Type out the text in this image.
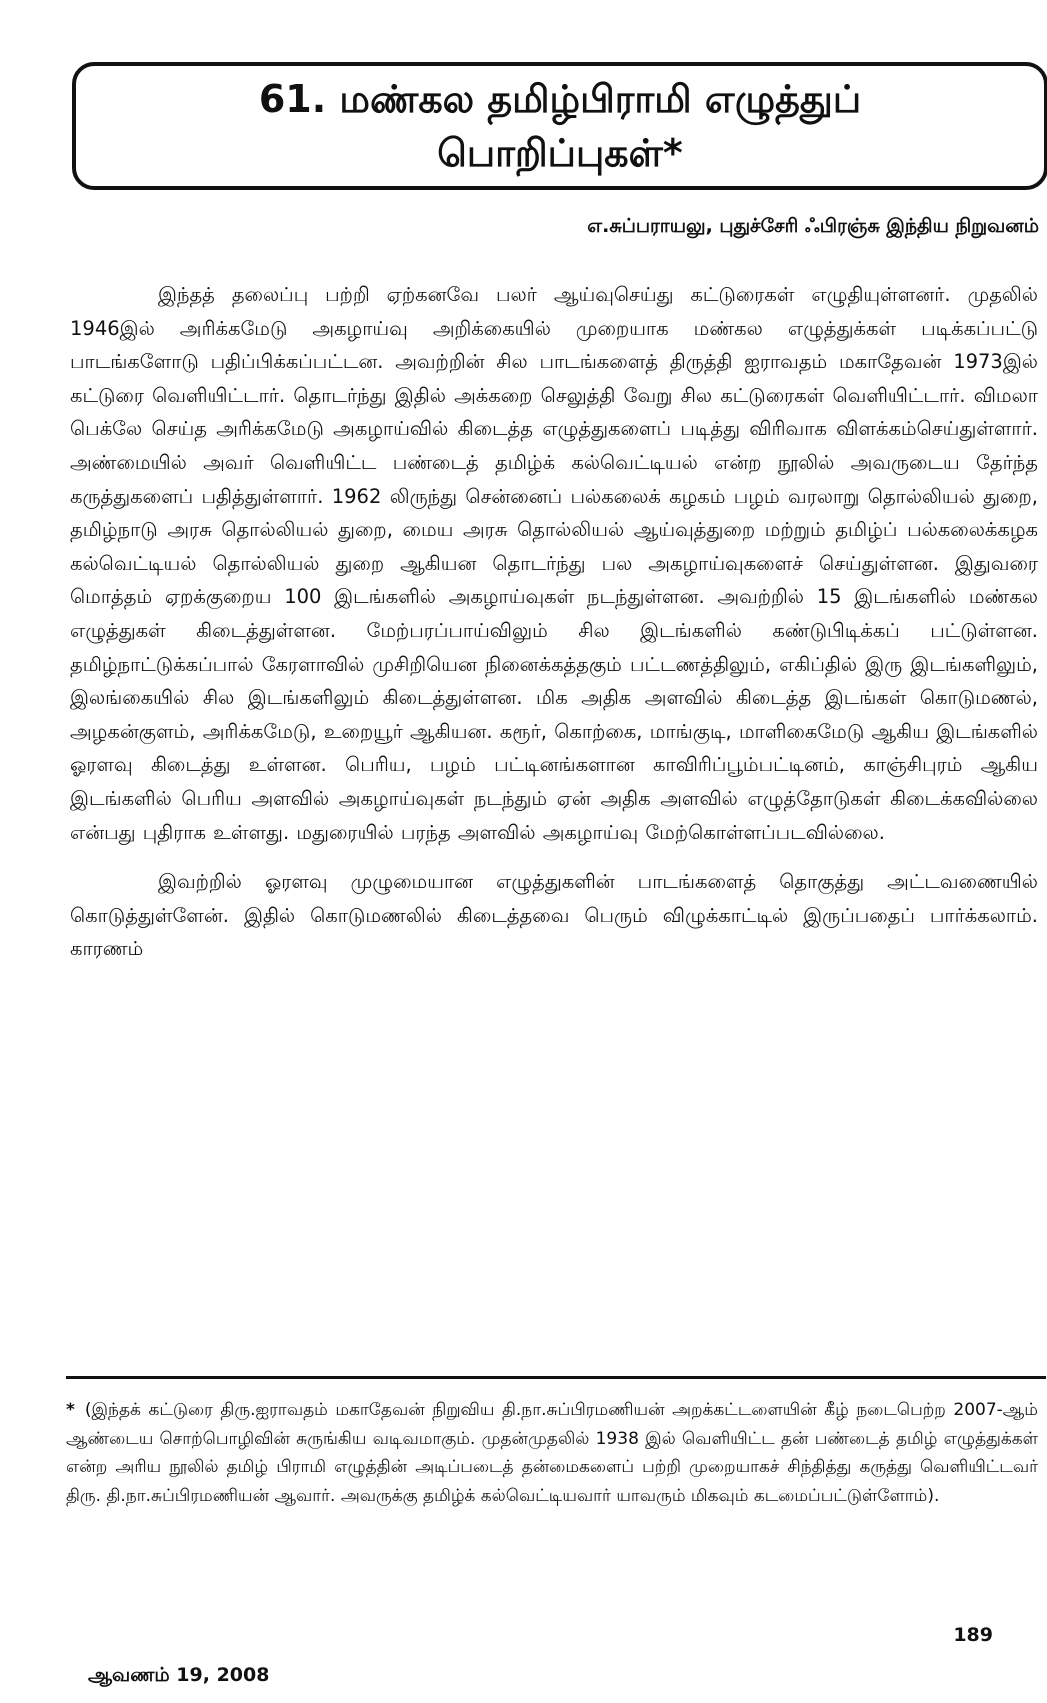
61. மண்கல தமிழ்பிராமி எழுத்துப்
பொறிப்புகள்*
எ.சுப்பராயலு, புதுச்சேரி ஃபிரஞ்சு இந்திய நிறுவனம்

இந்தத் தலைப்பு பற்றி ஏற்கனவே பலர் ஆய்வுசெய்து கட்டுரைகள் எழுதியுள்ளனர். முதலில் 1946இல் அரிக்கமேடு அகழாய்வு அறிக்கையில் முறையாக மண்கல எழுத்துக்கள் படிக்கப்பட்டு பாடங்களோடு பதிப்பிக்கப்பட்டன. அவற்றின் சில பாடங்களைத் திருத்தி ஐராவதம் மகாதேவன் 1973இல் கட்டுரை வெளியிட்டார். தொடர்ந்து இதில் அக்கறை செலுத்தி வேறு சில கட்டுரைகள் வெளியிட்டார். விமலா பெக்லே செய்த அரிக்கமேடு அகழாய்வில் கிடைத்த எழுத்துகளைப் படித்து விரிவாக விளக்கம்செய்துள்ளார். அண்மையில் அவர் வெளியிட்ட பண்டைத் தமிழ்க் கல்வெட்டியல் என்ற நூலில் அவருடைய தேர்ந்த கருத்துகளைப் பதித்துள்ளார். 1962 லிருந்து சென்னைப் பல்கலைக் கழகம் பழம் வரலாறு தொல்லியல் துறை, தமிழ்நாடு அரசு தொல்லியல் துறை, மைய அரசு தொல்லியல் ஆய்வுத்துறை மற்றும் தமிழ்ப் பல்கலைக்கழக கல்வெட்டியல் தொல்லியல் துறை ஆகியன தொடர்ந்து பல அகழாய்வுகளைச் செய்துள்ளன. இதுவரை மொத்தம் ஏறக்குறைய 100 இடங்களில் அகழாய்வுகள் நடந்துள்ளன. அவற்றில் 15 இடங்களில் மண்கல எழுத்துகள் கிடைத்துள்ளன. மேற்பரப்பாய்விலும் சில இடங்களில் கண்டுபிடிக்கப் பட்டுள்ளன. தமிழ்நாட்டுக்கப்பால் கேரளாவில் முசிறியென நினைக்கத்தகும் பட்டணத்திலும், எகிப்தில் இரு இடங்களிலும், இலங்கையில் சில இடங்களிலும் கிடைத்துள்ளன. மிக அதிக அளவில் கிடைத்த இடங்கள் கொடுமணல், அழகன்குளம், அரிக்கமேடு, உறையூர் ஆகியன. கரூர், கொற்கை, மாங்குடி, மாளிகைமேடு ஆகிய இடங்களில் ஓரளவு கிடைத்து உள்ளன. பெரிய, பழம் பட்டினங்களான காவிரிப்பூம்பட்டினம், காஞ்சிபுரம் ஆகிய இடங்களில் பெரிய அளவில் அகழாய்வுகள் நடந்தும் ஏன் அதிக அளவில் எழுத்தோடுகள் கிடைக்கவில்லை என்பது புதிராக உள்ளது. மதுரையில் பரந்த அளவில் அகழாய்வு மேற்கொள்ளப்படவில்லை.

இவற்றில் ஓரளவு முழுமையான எழுத்துகளின் பாடங்களைத் தொகுத்து அட்டவணையில் கொடுத்துள்ளேன். இதில் கொடுமணலில் கிடைத்தவை பெரும் விழுக்காட்டில் இருப்பதைப் பார்க்கலாம். காரணம்

* (இந்தக் கட்டுரை திரு.ஐராவதம் மகாதேவன் நிறுவிய தி.நா.சுப்பிரமணியன் அறக்கட்டளையின் கீழ் நடைபெற்ற 2007-ஆம் ஆண்டைய சொற்பொழிவின் சுருங்கிய வடிவமாகும். முதன்முதலில் 1938 இல் வெளியிட்ட தன் பண்டைத் தமிழ் எழுத்துக்கள் என்ற அரிய நூலில் தமிழ் பிராமி எழுத்தின் அடிப்படைத் தன்மைகளைப் பற்றி முறையாகச் சிந்தித்து கருத்து வெளியிட்டவர் திரு. தி.நா.சுப்பிரமணியன் ஆவார். அவருக்கு தமிழ்க் கல்வெட்டியவார் யாவரும் மிகவும் கடமைப்பட்டுள்ளோம்).

189
ஆவணம் 19, 2008
